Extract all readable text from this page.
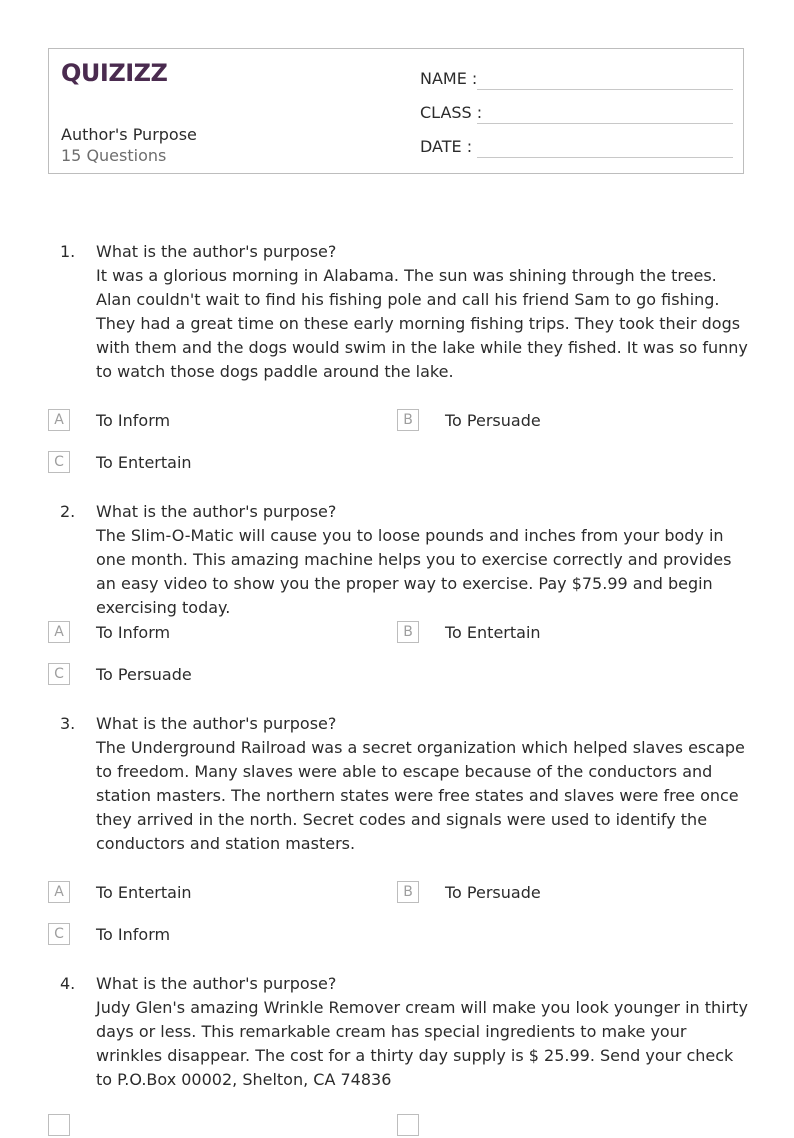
QUIZIZZ
Author's Purpose
15 Questions
NAME :
CLASS :
DATE :
1. What is the author's purpose?
It was a glorious morning in Alabama. The sun was shining through the trees. Alan couldn't wait to find his fishing pole and call his friend Sam to go fishing. They had a great time on these early morning fishing trips. They took their dogs with them and the dogs would swim in the lake while they fished. It was so funny to watch those dogs paddle around the lake.
A	To Inform	B	To Persuade
C	To Entertain
2. What is the author's purpose?
The Slim-O-Matic will cause you to loose pounds and inches from your body in one month. This amazing machine helps you to exercise correctly and provides an easy video to show you the proper way to exercise. Pay $75.99 and begin exercising today.
A	To Inform	B	To Entertain
C	To Persuade
3. What is the author's purpose?
The Underground Railroad was a secret organization which helped slaves escape to freedom. Many slaves were able to escape because of the conductors and station masters. The northern states were free states and slaves were free once they arrived in the north. Secret codes and signals were used to identify the conductors and station masters.
A	To Entertain	B	To Persuade
C	To Inform
4. What is the author's purpose?
Judy Glen's amazing Wrinkle Remover cream will make you look younger in thirty days or less. This remarkable cream has special ingredients to make your wrinkles disappear. The cost for a thirty day supply is $ 25.99. Send your check to P.O.Box 00002, Shelton, CA 74836
